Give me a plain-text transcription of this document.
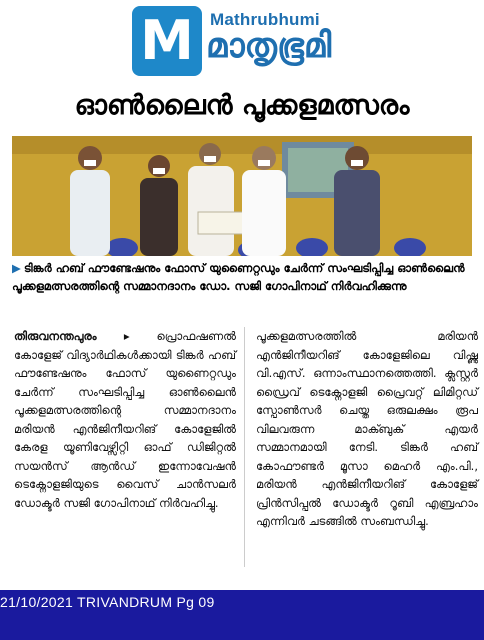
M Mathrubhumi
മാതൃഭൂമി
ഓൺലൈൻ പൂക്കളമത്സരം
▶ ടിങ്കർ ഹബ് ഫൗണ്ടേഷനും ഫോസ് യുണൈറ്റഡും ചേർന്ന് സംഘടിപ്പിച്ച ഓൺലൈൻ പൂക്കളമത്സരത്തിന്റെ സമ്മാനദാനം ഡോ. സജി ഗോപിനാഥ് നിർവഹിക്കുന്നു
തിരുവനന്തപുരം ▸ പ്രൊഫഷണൽ കോളേജ് വിദ്യാർഥികൾക്കായി ടിങ്കർ ഹബ് ഫൗണ്ടേഷനും ഫോസ് യുണൈറ്റഡും ചേർന്ന് സംഘടിപ്പിച്ച ഓൺലൈൻ പൂക്കളമത്സരത്തിന്റെ സമ്മാനദാനം മരിയൻ എൻജിനീയറിങ് കോളേജിൽ കേരള യൂണിവേഴ്സിറ്റി ഓഫ് ഡിജിറ്റൽ സയൻസ് ആൻഡ് ഇന്നോവേഷൻ ടെക്നോളജിയുടെ വൈസ് ചാൻസലർ ഡോക്ടർ സജി ഗോപിനാഥ് നിർവഹിച്ചു.
പൂക്കളമത്സരത്തിൽ മരിയൻ എൻജിനീയറിങ് കോളേജിലെ വിഷ്ണു വി.എസ്. ഒന്നാംസ്ഥാനത്തെത്തി. ക്ലസ്റ്റർ ഡ്രൈവ് ടെക്നോളജി പ്രൈവറ്റ് ലിമിറ്റഡ് സ്പോൺസർ ചെയ്ത ഒരുലക്ഷം രൂപ വിലവരുന്ന മാക്ബുക് എയർ സമ്മാനമായി നേടി. ടിങ്കർ ഹബ് കോഫൗണ്ടർ മൂസാ മെഹർ എം.പി., മരിയൻ എൻജിനീയറിങ് കോളേജ് പ്രിൻസിപ്പൽ ഡോക്ടർ റൂബി എബ്രഹാം എന്നിവർ ചടങ്ങിൽ സംബന്ധിച്ചു.
21/10/2021 TRIVANDRUM Pg 09
